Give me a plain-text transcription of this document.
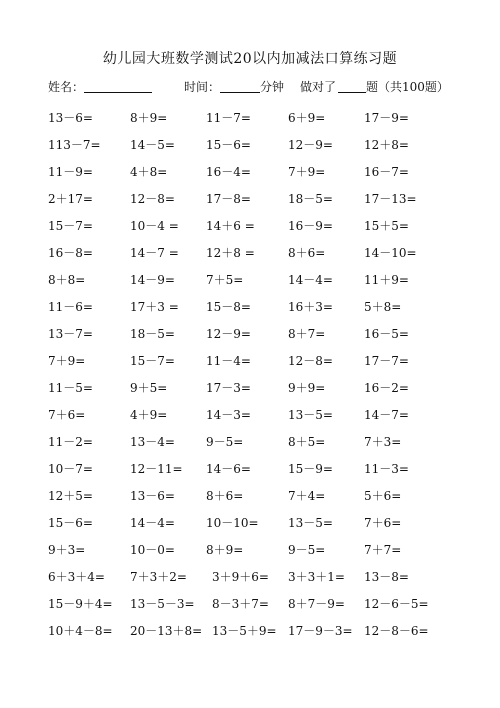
幼儿园大班数学测试20以内加减法口算练习题
姓名：	时间：	分钟 做对了 题（共100题）
13－6=	8＋9=	11－7=	6＋9=	17－9=
113－7= 14－5=	15－6=	12－9=	12＋8=
11－9=	4＋8=	16－4=	7＋9=	16－7=
2＋17=	12－8=	17－8=	18－5=	17－13=
15－7=	10－4 = 14＋6 =	16－9=	15＋5=
16－8=	14－7 = 12＋8 =	8＋6=	14－10=
8＋8=	14－9=	7＋5=	14－4=	11＋9=
11－6=	17＋3 = 15－8=	16＋3=	5＋8=
13－7=	18－5=	12－9=	8＋7=	16－5=
7＋9=	15－7=	11－4=	12－8=	17－7=
11－5=	9＋5=	17－3=	9＋9=	16－2=
7＋6=	4＋9=	14－3=	13－5=	14－7=
11－2=	13－4=	9－5=	8＋5=	7＋3=
10－7=	12－11= 14－6=	15－9=	11－3=
12＋5=	13－6=	8＋6=	7＋4=	5＋6=
15－6=	14－4=	10－10= 13－5=	7＋6=
9＋3=	10－0=	8＋9=	9－5=	7＋7=
6＋3＋4= 7＋3＋2= 3＋9＋6= 3＋3＋1= 13－8=
15－9＋4= 13－5－3= 8－3＋7= 8＋7－9= 12－6－5=
10＋4－8= 20－13＋8= 13－5＋9= 17－9－3= 12－8－6=
